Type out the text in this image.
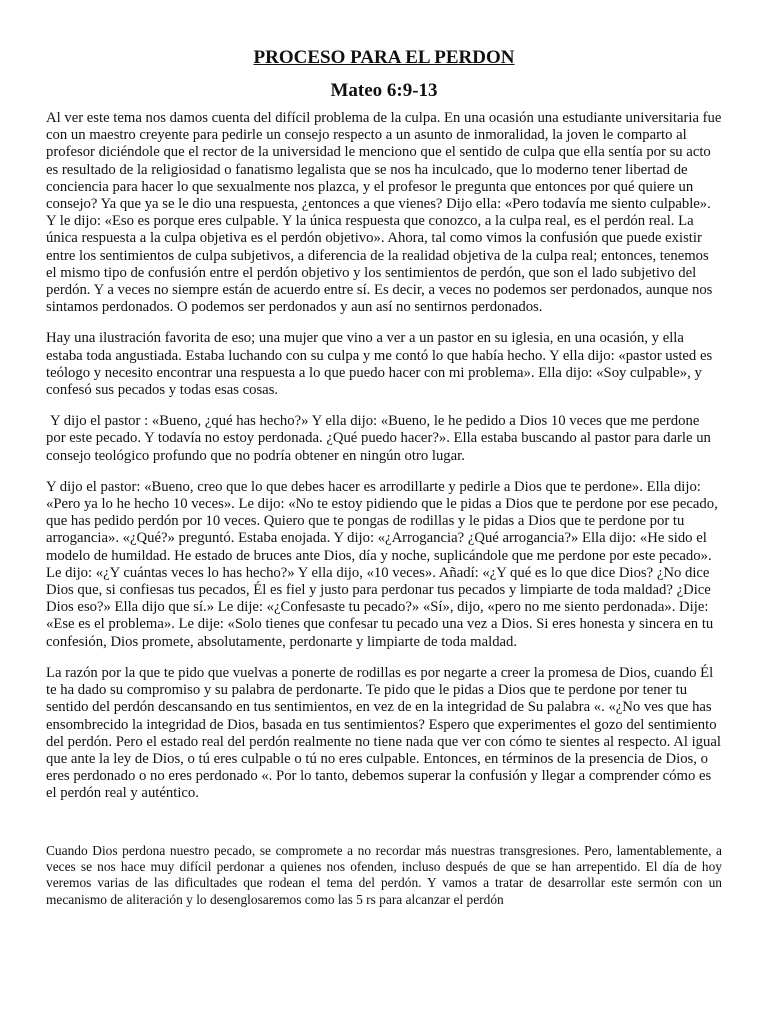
PROCESO PARA EL PERDON
Mateo 6:9-13

Al ver este tema nos damos cuenta del difícil problema de la culpa. En una ocasión una estudiante universitaria fue con un maestro creyente para pedirle un consejo respecto a un asunto de inmoralidad, la joven le comparto al profesor diciéndole que el rector de la universidad le menciono que el sentido de culpa que ella sentía por su acto es resultado de la religiosidad o fanatismo legalista que se nos ha inculcado, que lo moderno tener libertad de conciencia para hacer lo que sexualmente nos plazca, y el profesor le pregunta que entonces por qué quiere un consejo? Ya que ya se le dio una respuesta, ¿entonces a que vienes? Dijo ella: «Pero todavía me siento culpable». Y le dijo: «Eso es porque eres culpable. Y la única respuesta que conozco, a la culpa real, es el perdón real. La única respuesta a la culpa objetiva es el perdón objetivo». Ahora, tal como vimos la confusión que puede existir entre los sentimientos de culpa subjetivos, a diferencia de la realidad objetiva de la culpa real; entonces, tenemos el mismo tipo de confusión entre el perdón objetivo y los sentimientos de perdón, que son el lado subjetivo del perdón. Y a veces no siempre están de acuerdo entre sí. Es decir, a veces no podemos ser perdonados, aunque nos sintamos perdonados. O podemos ser perdonados y aun así no sentirnos perdonados.

Hay una ilustración favorita de eso; una mujer que vino a ver a un pastor en su iglesia, en una ocasión, y ella estaba toda angustiada. Estaba luchando con su culpa y me contó lo que había hecho. Y ella dijo: «pastor usted es teólogo y necesito encontrar una respuesta a lo que puedo hacer con mi problema». Ella dijo: «Soy culpable», y confesó sus pecados y todas esas cosas.

Y dijo el pastor : «Bueno, ¿qué has hecho?» Y ella dijo: «Bueno, le he pedido a Dios 10 veces que me perdone por este pecado. Y todavía no estoy perdonada. ¿Qué puedo hacer?». Ella estaba buscando al pastor para darle un consejo teológico profundo que no podría obtener en ningún otro lugar.

Y dijo el pastor: «Bueno, creo que lo que debes hacer es arrodillarte y pedirle a Dios que te perdone». Ella dijo: «Pero ya lo he hecho 10 veces». Le dijo: «No te estoy pidiendo que le pidas a Dios que te perdone por ese pecado, que has pedido perdón por 10 veces. Quiero que te pongas de rodillas y le pidas a Dios que te perdone por tu arrogancia». «¿Qué?» preguntó. Estaba enojada. Y dijo: «¿Arrogancia? ¿Qué arrogancia?» Ella dijo: «He sido el modelo de humildad. He estado de bruces ante Dios, día y noche, suplicándole que me perdone por este pecado». Le dijo: «¿Y cuántas veces lo has hecho?» Y ella dijo, «10 veces». Añadí: «¿Y qué es lo que dice Dios? ¿No dice Dios que, si confiesas tus pecados, Él es fiel y justo para perdonar tus pecados y limpiarte de toda maldad? ¿Dice Dios eso?» Ella dijo que sí.» Le dije: «¿Confesaste tu pecado?» «Sí», dijo, «pero no me siento perdonada». Dije: «Ese es el problema». Le dije: «Solo tienes que confesar tu pecado una vez a Dios. Si eres honesta y sincera en tu confesión, Dios promete, absolutamente, perdonarte y limpiarte de toda maldad.

La razón por la que te pido que vuelvas a ponerte de rodillas es por negarte a creer la promesa de Dios, cuando Él te ha dado su compromiso y su palabra de perdonarte. Te pido que le pidas a Dios que te perdone por tener tu sentido del perdón descansando en tus sentimientos, en vez de en la integridad de Su palabra «. «¿No ves que has ensombrecido la integridad de Dios, basada en tus sentimientos? Espero que experimentes el gozo del sentimiento del perdón. Pero el estado real del perdón realmente no tiene nada que ver con cómo te sientes al respecto. Al igual que ante la ley de Dios, o tú eres culpable o tú no eres culpable. Entonces, en términos de la presencia de Dios, o eres perdonado o no eres perdonado «. Por lo tanto, debemos superar la confusión y llegar a comprender cómo es el perdón real y auténtico.

Cuando Dios perdona nuestro pecado, se compromete a no recordar más nuestras transgresiones. Pero, lamentablemente, a veces se nos hace muy difícil perdonar a quienes nos ofenden, incluso después de que se han arrepentido. El día de hoy veremos varias de las dificultades que rodean el tema del perdón. Y vamos a tratar de desarrollar este sermón con un mecanismo de aliteración y lo desenglosaremos como las 5 rs para alcanzar el perdón
